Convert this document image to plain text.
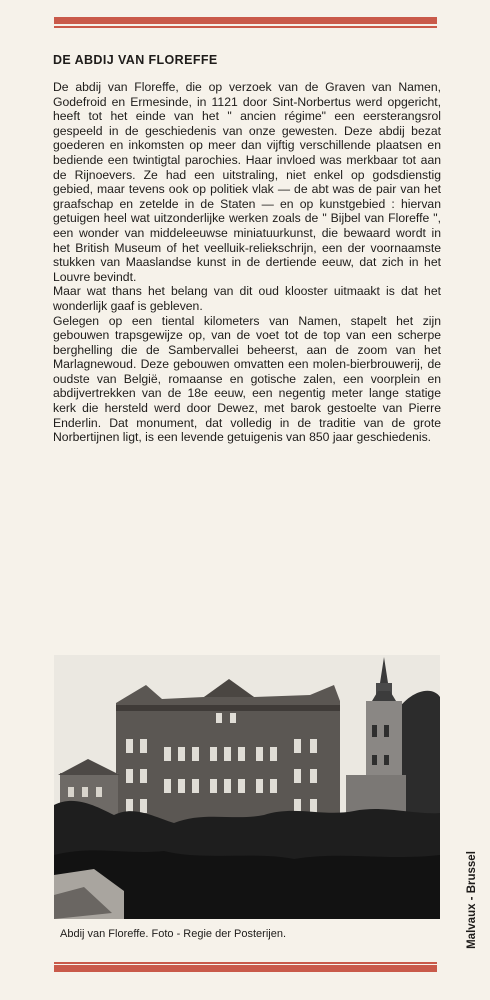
DE ABDIJ VAN FLOREFFE

De abdij van Floreffe, die op verzoek van de Graven van Namen, Godefroid en Ermesinde, in 1121 door Sint-Norbertus werd opgericht, heeft tot het einde van het " ancien régime" een eersterangsrol gespeeld in de geschiedenis van onze gewesten. Deze abdij bezat goederen en inkomsten op meer dan vijftig verschillende plaatsen en bediende een twintigtal parochies. Haar invloed was merkbaar tot aan de Rijnoevers. Ze had een uitstraling, niet enkel op godsdienstig gebied, maar tevens ook op politiek vlak — de abt was de pair van het graafschap en zetelde in de Staten — en op kunstgebied : hiervan getuigen heel wat uitzonderlijke werken zoals de " Bijbel van Floreffe ", een wonder van middeleeuwse miniatuurkunst, die bewaard wordt in het British Museum of het veelluik-reliekschrijn, een der voornaamste stukken van Maaslandse kunst in de dertiende eeuw, dat zich in het Louvre bevindt.

Maar wat thans het belang van dit oud klooster uitmaakt is dat het wonderlijk gaaf is gebleven.

Gelegen op een tiental kilometers van Namen, stapelt het zijn gebouwen trapsgewijze op, van de voet tot de top van een scherpe berghelling die de Sambervallei beheerst, aan de zoom van het Marlagnewoud. Deze gebouwen omvatten een molen-bierbrouwerij, de oudste van België, romaanse en gotische zalen, een voorplein en abdijvertrekken van de 18e eeuw, een negentig meter lange statige kerk die hersteld werd door Dewez, met barok gestoelte van Pierre Enderlin. Dat monument, dat volledig in de traditie van de grote Norbertijnen ligt, is een levende getuigenis van 850 jaar geschiedenis.

Abdij van Floreffe. Foto - Regie der Posterijen.	Malvaux - Brussel
